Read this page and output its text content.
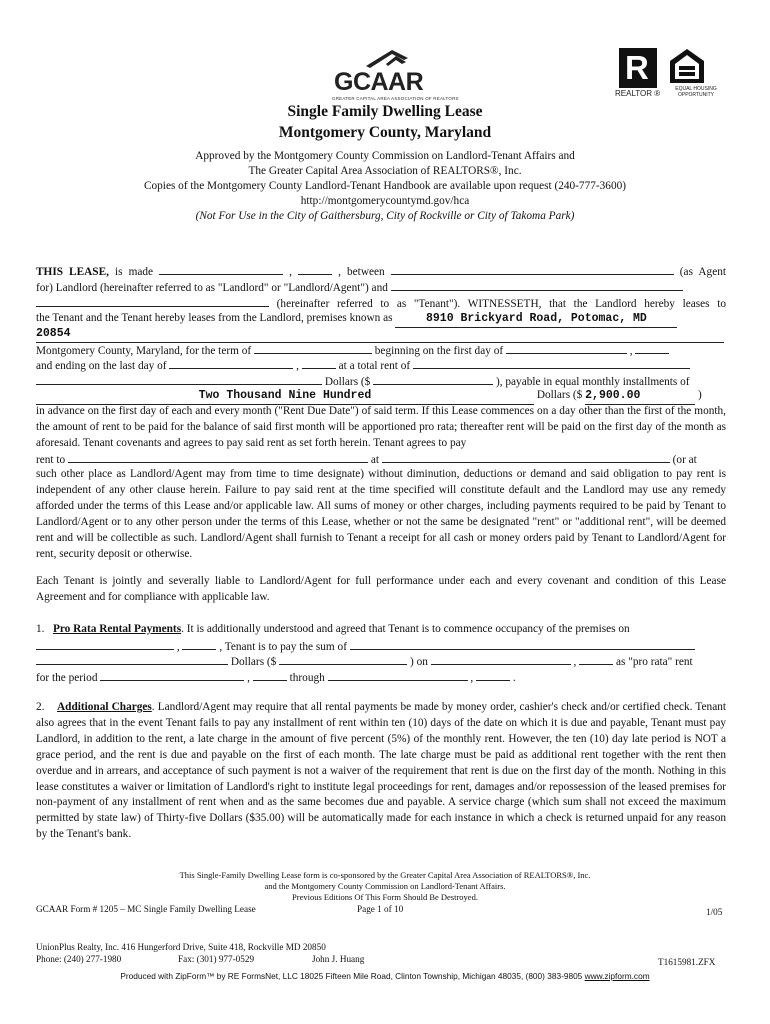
GCAAR
GREATER CAPITAL AREA ASSOCIATION OF REALTORS
R
REALTOR ®	EQUAL HOUSING
OPPORTUNITY
Single Family Dwelling Lease
Montgomery County, Maryland
Approved by the Montgomery County Commission on Landlord-Tenant Affairs and
The Greater Capital Area Association of REALTORS®, Inc.
Copies of the Montgomery County Landlord-Tenant Handbook are available upon request (240-777-3600)
http://montgomerycountymd.gov/hca
(Not For Use in the City of Gaithersburg, City of Rockville or City of Takoma Park)
THIS LEASE, is made	,	, between	(as Agent
for) Landlord (hereinafter referred to as "Landlord" or "Landlord/Agent") and
(hereinafter referred to as "Tenant"). WITNESSETH, that the Landlord hereby leases to
the Tenant and the Tenant hereby leases from the Landlord, premises known as	8910 Brickyard Road, Potomac, MD
20854
Montgomery County, Maryland, for the term of	beginning on the first day of	,
and ending on the last day of	,	at a total rent of
Dollars ($	), payable in equal monthly installments of
Two Thousand Nine Hundred	Dollars ($ 2,900.00	)
in advance on the first day of each and every month ("Rent Due Date") of said term. If this Lease commences on a day other than the first of the month, the amount of rent to be paid for the balance of said first month will be apportioned pro rata; thereafter rent will be paid on the first day of the month as aforesaid. Tenant covenants and agrees to pay said rent as set forth herein. Tenant agrees to pay
rent to	at	(or at
such other place as Landlord/Agent may from time to time designate) without diminution, deductions or demand and said obligation to pay rent is independent of any other clause herein. Failure to pay said rent at the time specified will constitute default and the Landlord may use any remedy afforded under the terms of this Lease and/or applicable law. All sums of money or other charges, including payments required to be paid by Tenant to Landlord/Agent or to any other person under the terms of this Lease, whether or not the same be designated "rent" or "additional rent", will be deemed rent and will be collectible as such. Landlord/Agent shall furnish to Tenant a receipt for all cash or money orders paid by Tenant to Landlord/Agent for rent, security deposit or otherwise.
Each Tenant is jointly and severally liable to Landlord/Agent for full performance under each and every covenant and condition of this Lease Agreement and for compliance with applicable law.
1. Pro Rata Rental Payments. It is additionally understood and agreed that Tenant is to commence occupancy of the premises on
,	, Tenant is to pay the sum of
Dollars ($	) on	,	as "pro rata" rent
for the period	,	through	,	.
2. Additional Charges. Landlord/Agent may require that all rental payments be made by money order, cashier's check and/or certified check. Tenant also agrees that in the event Tenant fails to pay any installment of rent within ten (10) days of the date on which it is due and payable, Tenant must pay Landlord, in addition to the rent, a late charge in the amount of five percent (5%) of the monthly rent. However, the ten (10) day late period is NOT a grace period, and the rent is due and payable on the first of each month. The late charge must be paid as additional rent together with the rent then overdue and in arrears, and acceptance of such payment is not a waiver of the requirement that rent is due on the first day of the month. Nothing in this lease constitutes a waiver or limitation of Landlord's right to institute legal proceedings for rent, damages and/or repossession of the leased premises for non-payment of any installment of rent when and as the same becomes due and payable. A service charge (which sum shall not exceed the maximum permitted by state law) of Thirty-five Dollars ($35.00) will be automatically made for each instance in which a check is returned unpaid for any reason by the Tenant's bank.
This Single-Family Dwelling Lease form is co-sponsored by the Greater Capital Area Association of REALTORS®, Inc.
and the Montgomery County Commission on Landlord-Tenant Affairs.
Previous Editions Of This Form Should Be Destroyed.
GCAAR Form # 1205 – MC Single Family Dwelling Lease	Page 1 of 10	1/05
UnionPlus Realty, Inc. 416 Hungerford Drive, Suite 418, Rockville MD 20850
Phone: (240) 277-1980	Fax: (301) 977-0529	John J. Huang	T1615981.ZFX
Produced with ZipForm™ by RE FormsNet, LLC 18025 Fifteen Mile Road, Clinton Township, Michigan 48035, (800) 383-9805 www.zipform.com
